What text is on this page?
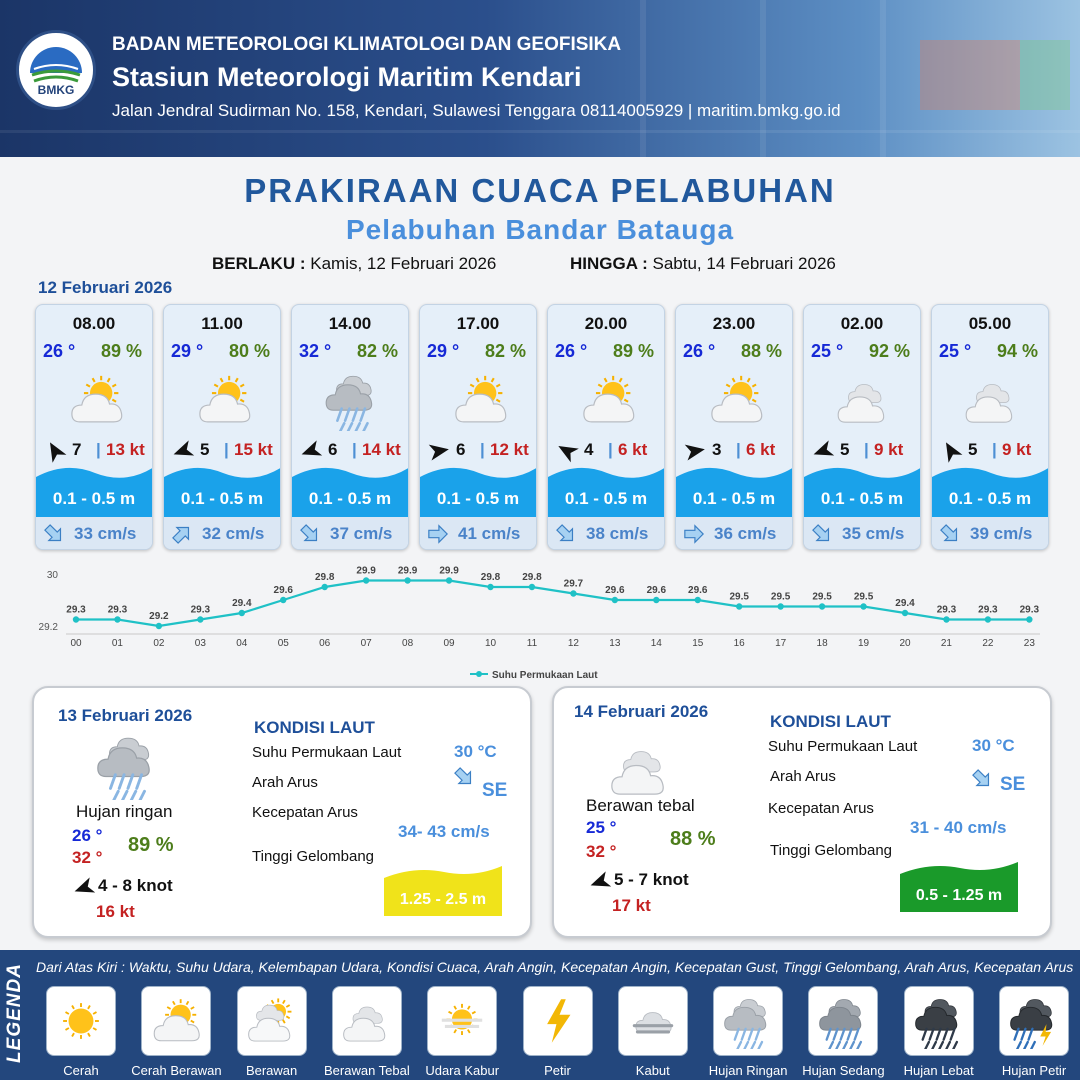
BMKG
BADAN METEOROLOGI KLIMATOLOGI DAN GEOFISIKA
Stasiun Meteorologi Maritim Kendari
Jalan Jendral Sudirman No. 158, Kendari, Sulawesi Tenggara 08114005929 | maritim.bmkg.go.id
PRAKIRAAN CUACA PELABUHAN
Pelabuhan Bandar Batauga
BERLAKU : Kamis, 12 Februari 2026	HINGGA : Sabtu, 14 Februari 2026
12 Februari 2026
08.00
26 ° 89 %
7 | 13 kt
0.1 - 0.5 m
33 cm/s
11.00
29 ° 80 %
5 | 15 kt
0.1 - 0.5 m
32 cm/s
14.00
32 ° 82 %
6 | 14 kt
0.1 - 0.5 m
37 cm/s
17.00
29 ° 82 %
6 | 12 kt
0.1 - 0.5 m
41 cm/s
20.00
26 ° 89 %
4 | 6 kt
0.1 - 0.5 m
38 cm/s
23.00
26 ° 88 %
3 | 6 kt
0.1 - 0.5 m
36 cm/s
02.00
25 ° 92 %
5 | 9 kt
0.1 - 0.5 m
35 cm/s
05.00
25 ° 94 %
5 | 9 kt
0.1 - 0.5 m
39 cm/s
30
29.2
29.3 29.3
29.2
29.3
29.4
29.6
29.8
29.9 29.9 29.9
29.8 29.8
29.7
29.6 29.6 29.6
29.5 29.5 29.5 29.5
29.4
29.3 29.3 29.3
00	01	02	03	04	05	06	07	08	09	10	11	12	13	14	15	16	17	18	19	20	21	22	23
Suhu Permukaan Laut
13 Februari 2026
Hujan ringan
26 °
32 °
89 %
4 - 8 knot
16 kt
KONDISI LAUT
Suhu Permukaan Laut	30 °C
Arah Arus	SE
Kecepatan Arus
34- 43 cm/s
Tinggi Gelombang
1.25 - 2.5 m
14 Februari 2026
Berawan tebal
25 °
32 °
88 %
5 - 7 knot
17 kt
KONDISI LAUT
Suhu Permukaan Laut	30 °C
Arah Arus	SE
Kecepatan Arus
31 - 40 cm/s
Tinggi Gelombang
0.5 - 1.25 m
LEGENDA Dari Atas Kiri : Waktu, Suhu Udara, Kelembapan Udara, Kondisi Cuaca, Arah Angin, Kecepatan Angin, Kecepatan Gust, Tinggi Gelombang, Arah Arus, Kecepatan Arus
Cerah	Cerah Berawan	Berawan	Berawan Tebal	Udara Kabur	Petir	Kabut	Hujan Ringan	Hujan Sedang	Hujan Lebat	Hujan Petir
